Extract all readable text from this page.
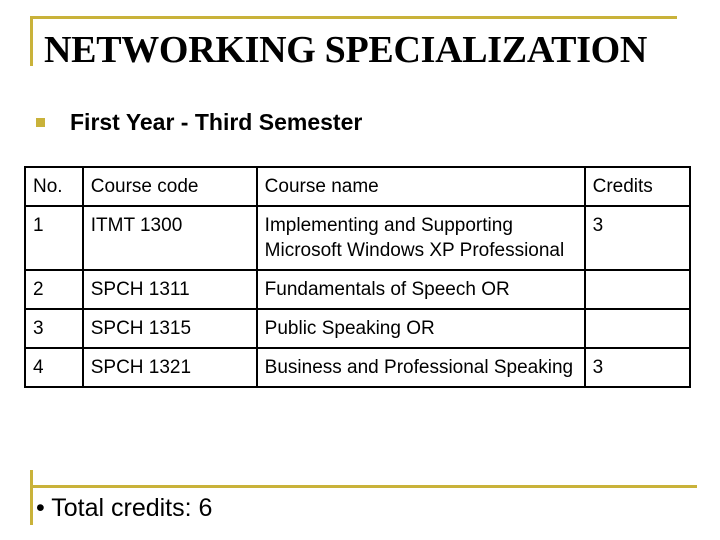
NETWORKING SPECIALIZATION
First Year - Third Semester
No.	Course code	Course name	Credits
1	ITMT 1300	Implementing and Supporting Microsoft Windows XP Professional	3
2	SPCH 1311	Fundamentals of Speech OR	
3	SPCH 1315	Public Speaking OR	
4	SPCH 1321	Business and Professional Speaking	3
• Total credits: 6
